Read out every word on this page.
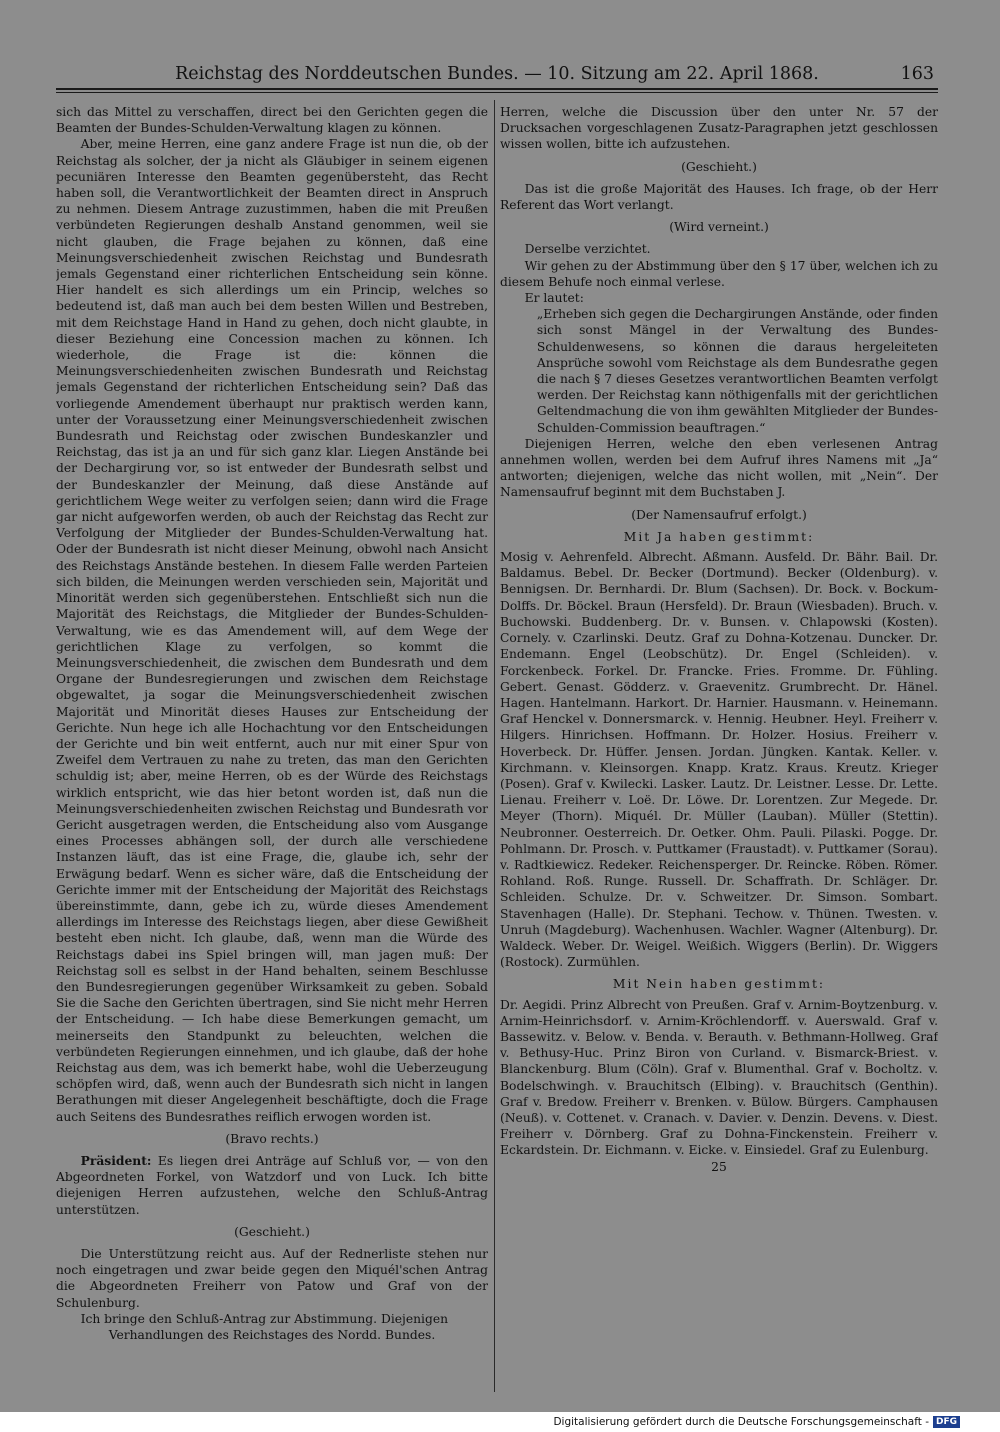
Reichstag des Norddeutschen Bundes. — 10. Sitzung am 22. April 1868.	163

sich das Mittel zu verschaffen, direct bei den Gerichten gegen die Beamten der Bundes-Schulden-Verwaltung klagen zu können.

Aber, meine Herren, eine ganz andere Frage ist nun die, ob der Reichstag als solcher, der ja nicht als Gläubiger in seinem eigenen pecuniären Interesse den Beamten gegenübersteht, das Recht haben soll, die Verantwortlichkeit der Beamten direct in Anspruch zu nehmen. Diesem Antrage zuzustimmen, haben die mit Preußen verbündeten Regierungen deshalb Anstand genommen, weil sie nicht glauben, die Frage bejahen zu können, daß eine Meinungsverschiedenheit zwischen Reichstag und Bundesrath jemals Gegenstand einer richterlichen Entscheidung sein könne. Hier handelt es sich allerdings um ein Princip, welches so bedeutend ist, daß man auch bei dem besten Willen und Bestreben, mit dem Reichstage Hand in Hand zu gehen, doch nicht glaubte, in dieser Beziehung eine Concession machen zu können. Ich wiederhole, die Frage ist die: können die Meinungsverschiedenheiten zwischen Bundesrath und Reichstag jemals Gegenstand der richterlichen Entscheidung sein? Daß das vorliegende Amendement überhaupt nur praktisch werden kann, unter der Voraussetzung einer Meinungsverschiedenheit zwischen Bundesrath und Reichstag oder zwischen Bundeskanzler und Reichstag, das ist ja an und für sich ganz klar. Liegen Anstände bei der Dechargirung vor, so ist entweder der Bundesrath selbst und der Bundeskanzler der Meinung, daß diese Anstände auf gerichtlichem Wege weiter zu verfolgen seien; dann wird die Frage gar nicht aufgeworfen werden, ob auch der Reichstag das Recht zur Verfolgung der Mitglieder der Bundes-Schulden-Verwaltung hat. Oder der Bundesrath ist nicht dieser Meinung, obwohl nach Ansicht des Reichstags Anstände bestehen. In diesem Falle werden Parteien sich bilden, die Meinungen werden verschieden sein, Majorität und Minorität werden sich gegenüberstehen. Entschließt sich nun die Majorität des Reichstags, die Mitglieder der Bundes-Schulden-Verwaltung, wie es das Amendement will, auf dem Wege der gerichtlichen Klage zu verfolgen, so kommt die Meinungsverschiedenheit, die zwischen dem Bundesrath und dem Organe der Bundesregierungen und zwischen dem Reichstage obgewaltet, ja sogar die Meinungsverschiedenheit zwischen Majorität und Minorität dieses Hauses zur Entscheidung der Gerichte. Nun hege ich alle Hochachtung vor den Entscheidungen der Gerichte und bin weit entfernt, auch nur mit einer Spur von Zweifel dem Vertrauen zu nahe zu treten, das man den Gerichten schuldig ist; aber, meine Herren, ob es der Würde des Reichstags wirklich entspricht, wie das hier betont worden ist, daß nun die Meinungsverschiedenheiten zwischen Reichstag und Bundesrath vor Gericht ausgetragen werden, die Entscheidung also vom Ausgange eines Processes abhängen soll, der durch alle verschiedene Instanzen läuft, das ist eine Frage, die, glaube ich, sehr der Erwägung bedarf. Wenn es sicher wäre, daß die Entscheidung der Gerichte immer mit der Entscheidung der Majorität des Reichstags übereinstimmte, dann, gebe ich zu, würde dieses Amendement allerdings im Interesse des Reichstags liegen, aber diese Gewißheit besteht eben nicht. Ich glaube, daß, wenn man die Würde des Reichstags dabei ins Spiel bringen will, man jagen muß: Der Reichstag soll es selbst in der Hand behalten, seinem Beschlusse den Bundesregierungen gegenüber Wirksamkeit zu geben. Sobald Sie die Sache den Gerichten übertragen, sind Sie nicht mehr Herren der Entscheidung. — Ich habe diese Bemerkungen gemacht, um meinerseits den Standpunkt zu beleuchten, welchen die verbündeten Regierungen einnehmen, und ich glaube, daß der hohe Reichstag aus dem, was ich bemerkt habe, wohl die Ueberzeugung schöpfen wird, daß, wenn auch der Bundesrath sich nicht in langen Berathungen mit dieser Angelegenheit beschäftigte, doch die Frage auch Seitens des Bundesrathes reiflich erwogen worden ist.

(Bravo rechts.)

Präsident: Es liegen drei Anträge auf Schluß vor, — von den Abgeordneten Forkel, von Watzdorf und von Luck. Ich bitte diejenigen Herren aufzustehen, welche den Schluß-Antrag unterstützen.

(Geschieht.)

Die Unterstützung reicht aus. Auf der Rednerliste stehen nur noch eingetragen und zwar beide gegen den Miquél'schen Antrag die Abgeordneten Freiherr von Patow und Graf von der Schulenburg.

Ich bringe den Schluß-Antrag zur Abstimmung. Diejenigen

Verhandlungen des Reichstages des Nordd. Bundes.

Herren, welche die Discussion über den unter Nr. 57 der Drucksachen vorgeschlagenen Zusatz-Paragraphen jetzt geschlossen wissen wollen, bitte ich aufzustehen.

(Geschieht.)

Das ist die große Majorität des Hauses. Ich frage, ob der Herr Referent das Wort verlangt.

(Wird verneint.)

Derselbe verzichtet.

Wir gehen zu der Abstimmung über den § 17 über, welchen ich zu diesem Behufe noch einmal verlese.

Er lautet:

„Erheben sich gegen die Dechargirungen Anstände, oder finden sich sonst Mängel in der Verwaltung des Bundes-Schuldenwesens, so können die daraus hergeleiteten Ansprüche sowohl vom Reichstage als dem Bundesrathe gegen die nach § 7 dieses Gesetzes verantwortlichen Beamten verfolgt werden. Der Reichstag kann nöthigenfalls mit der gerichtlichen Geltendmachung die von ihm gewählten Mitglieder der Bundes-Schulden-Commission beauftragen.“

Diejenigen Herren, welche den eben verlesenen Antrag annehmen wollen, werden bei dem Aufruf ihres Namens mit „Ja“ antworten; diejenigen, welche das nicht wollen, mit „Nein“. Der Namensaufruf beginnt mit dem Buchstaben J.

(Der Namensaufruf erfolgt.)

Mit Ja haben gestimmt:

Mosig v. Aehrenfeld. Albrecht. Aßmann. Ausfeld. Dr. Bähr. Bail. Dr. Baldamus. Bebel. Dr. Becker (Dortmund). Becker (Oldenburg). v. Bennigsen. Dr. Bernhardi. Dr. Blum (Sachsen). Dr. Bock. v. Bockum-Dolffs. Dr. Böckel. Braun (Hersfeld). Dr. Braun (Wiesbaden). Bruch. v. Buchowski. Buddenberg. Dr. v. Bunsen. v. Chlapowski (Kosten). Cornely. v. Czarlinski. Deutz. Graf zu Dohna-Kotzenau. Duncker. Dr. Endemann. Engel (Leobschütz). Dr. Engel (Schleiden). v. Forckenbeck. Forkel. Dr. Francke. Fries. Fromme. Dr. Fühling. Gebert. Genast. Gödderz. v. Graevenitz. Grumbrecht. Dr. Hänel. Hagen. Hantelmann. Harkort. Dr. Harnier. Hausmann. v. Heinemann. Graf Henckel v. Donnersmarck. v. Hennig. Heubner. Heyl. Freiherr v. Hilgers. Hinrichsen. Hoffmann. Dr. Holzer. Hosius. Freiherr v. Hoverbeck. Dr. Hüffer. Jensen. Jordan. Jüngken. Kantak. Keller. v. Kirchmann. v. Kleinsorgen. Knapp. Kratz. Kraus. Kreutz. Krieger (Posen). Graf v. Kwilecki. Lasker. Lautz. Dr. Leistner. Lesse. Dr. Lette. Lienau. Freiherr v. Loë. Dr. Löwe. Dr. Lorentzen. Zur Megede. Dr. Meyer (Thorn). Miquél. Dr. Müller (Lauban). Müller (Stettin). Neubronner. Oesterreich. Dr. Oetker. Ohm. Pauli. Pilaski. Pogge. Dr. Pohlmann. Dr. Prosch. v. Puttkamer (Fraustadt). v. Puttkamer (Sorau). v. Radtkiewicz. Redeker. Reichensperger. Dr. Reincke. Röben. Römer. Rohland. Roß. Runge. Russell. Dr. Schaffrath. Dr. Schläger. Dr. Schleiden. Schulze. Dr. v. Schweitzer. Dr. Simson. Sombart. Stavenhagen (Halle). Dr. Stephani. Techow. v. Thünen. Twesten. v. Unruh (Magdeburg). Wachenhusen. Wachler. Wagner (Altenburg). Dr. Waldeck. Weber. Dr. Weigel. Weißich. Wiggers (Berlin). Dr. Wiggers (Rostock). Zurmühlen.

Mit Nein haben gestimmt:

Dr. Aegidi. Prinz Albrecht von Preußen. Graf v. Arnim-Boytzenburg. v. Arnim-Heinrichsdorf. v. Arnim-Kröchlendorff. v. Auerswald. Graf v. Bassewitz. v. Below. v. Benda. v. Berauth. v. Bethmann-Hollweg. Graf v. Bethusy-Huc. Prinz Biron von Curland. v. Bismarck-Briest. v. Blanckenburg. Blum (Cöln). Graf v. Blumenthal. Graf v. Bocholtz. v. Bodelschwingh. v. Brauchitsch (Elbing). v. Brauchitsch (Genthin). Graf v. Bredow. Freiherr v. Brenken. v. Bülow. Bürgers. Camphausen (Neuß). v. Cottenet. v. Cranach. v. Davier. v. Denzin. Devens. v. Diest. Freiherr v. Dörnberg. Graf zu Dohna-Finckenstein. Freiherr v. Eckardstein. Dr. Eichmann. v. Eicke. v. Einsiedel. Graf zu Eulenburg.

25

Digitalisierung gefördert durch die Deutsche Forschungsgemeinschaft - DFG
